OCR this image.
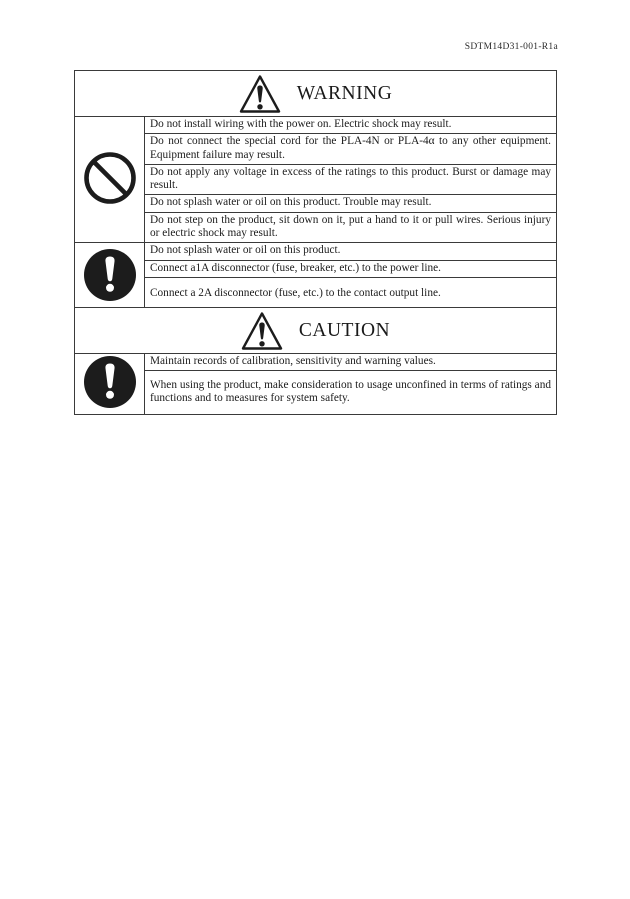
SDTM14D31-001-R1a
WARNING	

	Do not install wiring with the power on. Electric shock may result.
	Do not connect the special cord for the PLA-4N or PLA-4α to any other equipment. Equipment failure may result.
	Do not apply any voltage in excess of the ratings to this product. Burst or damage may result.
	Do not splash water or oil on this product. Trouble may result.
	Do not step on the product, sit down on it, put a hand to it or pull wires. Serious injury or electric shock may result.
	Do not splash water or oil on this product.
	Connect a1A disconnector (fuse, breaker, etc.) to the power line.
	Connect a 2A disconnector (fuse, etc.) to the contact output line.
CAUTION

	Maintain records of calibration, sensitivity and warning values.
When using the product, make consideration to usage unconfined in terms of ratings and functions and to measures for system safety.
